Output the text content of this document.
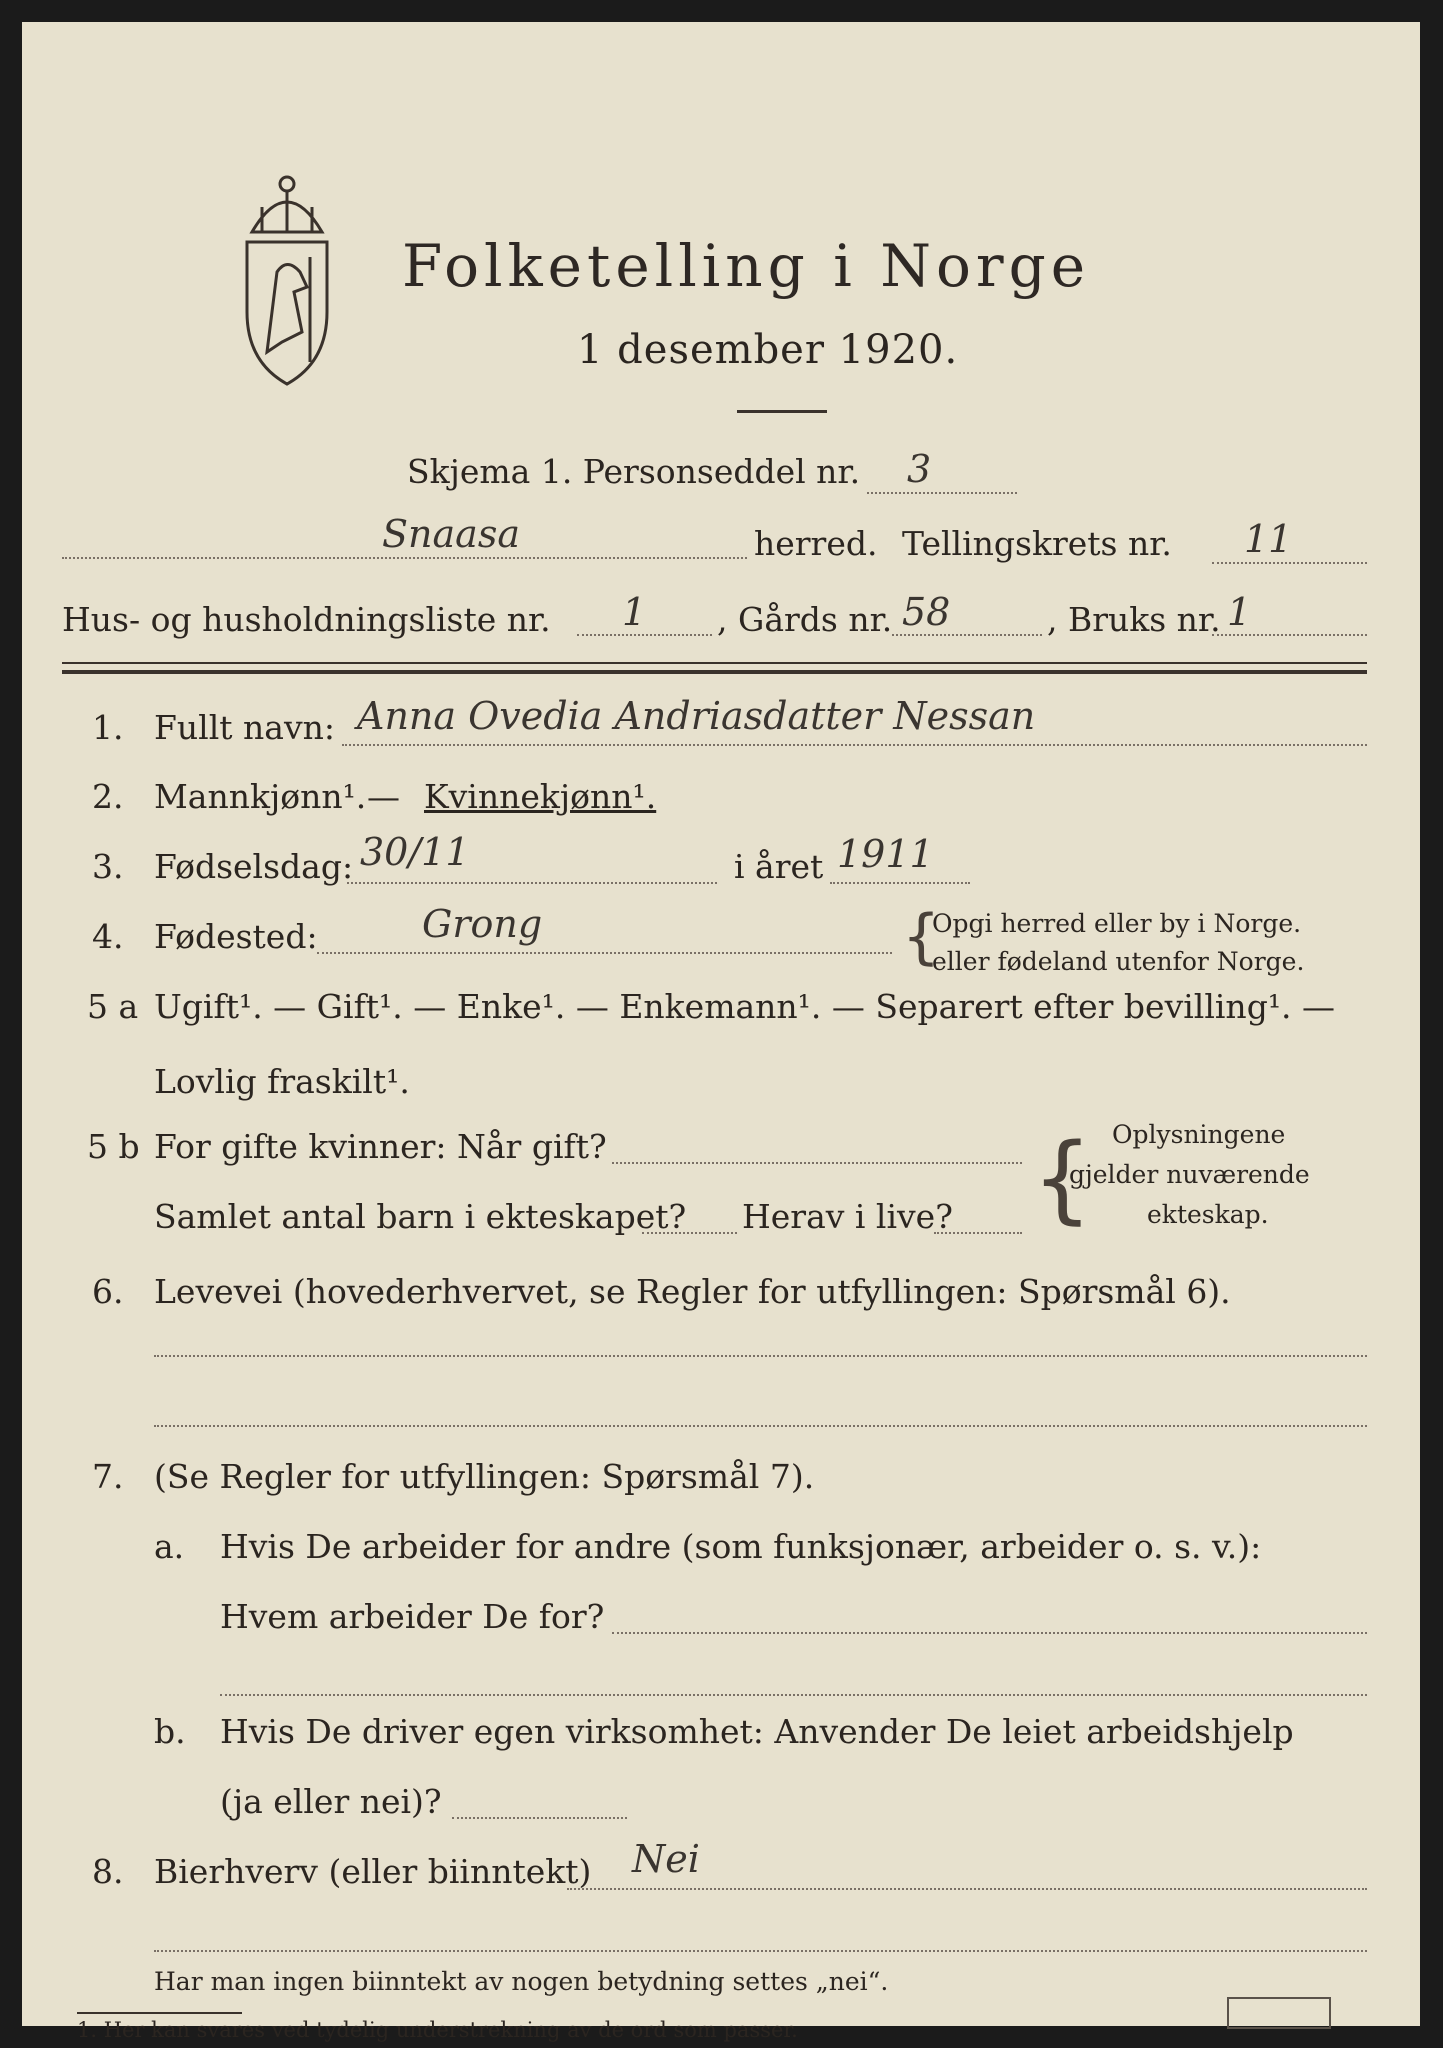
Folketelling i Norge
1 desember 1920.
Skjema 1. Personseddel nr. 3
Snaasa	herred. Tellingskrets nr. 11
Hus- og husholdningsliste nr. 1 , Gårds nr. 58	, Bruks nr. 1
1. Fullt navn: Anna Ovedia Andriasdatter Nessan
2. Mannkjønn¹. — Kvinnekjønn¹.
3. Fødselsdag: 30/11	i året 1911
4. Fødested:	Grong	{
Opgi herred eller by i Norge.
eller fødeland utenfor Norge.
5 a Ugift¹. — Gift¹. — Enke¹. — Enkemann¹. — Separert efter bevilling¹. —
Lovlig fraskilt¹.
5 b For gifte kvinner: Når gift?
Samlet antal barn i ekteskapet? Herav i live? { Oplysningene
gjelder nuværende
ekteskap.
6. Levevei (hovederhvervet, se Regler for utfyllingen: Spørsmål 6).
7. (Se Regler for utfyllingen: Spørsmål 7).
a. Hvis De arbeider for andre (som funksjonær, arbeider o. s. v.):
Hvem arbeider De for?
b. Hvis De driver egen virksomhet: Anvender De leiet arbeidshjelp
(ja eller nei)?
8. Bierhverv (eller biinntekt) Nei
Har man ingen biinntekt av nogen betydning settes „nei“.
1. Her kan svares ved tydelig understrekning av de ord som passer.
